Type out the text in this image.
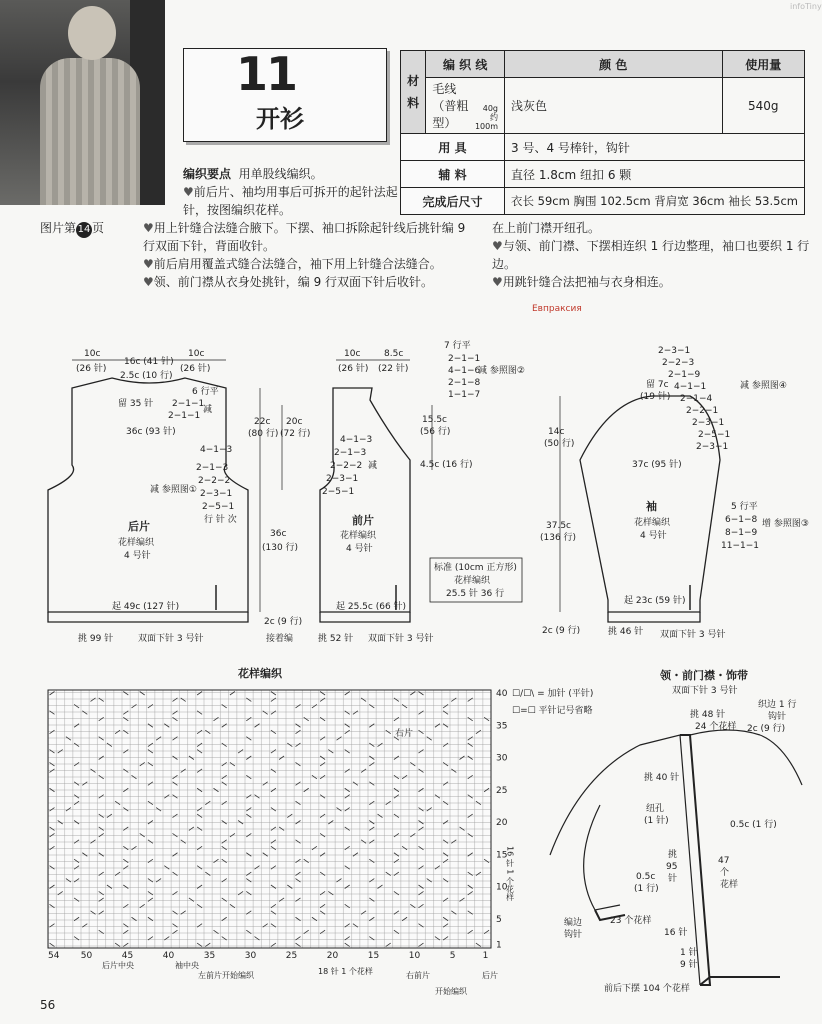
11
开衫
infoTiny
材料	编 织 线	颜 色	使用量

	毛线
（普粗型）
40g
约 100m	浅灰色	540g
用 具		3 号、4 号棒针，钩针	
辅 料		直径 1.8cm 纽扣 6 颗	
完成后尺寸		衣长 59cm 胸围 102.5cm 背肩宽 36cm 袖长 53.5cm	
编织要点 用单股线编织。
♥前后片、袖均用事后可拆开的起针法起针，按图编织花样。
图片第 14 页	♥用上针缝合法缝合腋下。下摆、袖口拆除起针线后挑针编 9 行双面下针，背面收针。
♥前后肩用覆盖式缝合法缝合，袖下用上针缝合法缝合。
♥领、前门襟从衣身处挑针，编 9 行双面下针后收针。
在上前门襟开纽孔。
♥与领、前门襟、下摆相连织 1 行边整理，袖口也要织 1 行边。
♥用跳针缝合法把袖与衣身相连。
Евпраксия
10c
(26 针)
16c (41 针)
10c
(26 针)
2.5c (10 行)
6 行平
2−1−1
2−1−1
减
留 35 针
36c (93 针)
4−1−3
2−1−3
2−2−2
2−3−1
2−5−1
行 针 次
减 参照图①
22c
(80 行)
20c
(72 行)
36c
(130 行)
后片
花样编织
4 号针
起 49c (127 针)
挑 99 针	双面下针 3 号针
2c (9 行)
接着编
10c
(26 针)
8.5c
(22 针)
7 行平
2−1−1
4−1−6
2−1−8
1−1−7
减 参照图②
4−1−3
2−1−3
2−2−2
2−3−1
2−5−1
减
15.5c
(56 行)
4.5c (16 行)
前片
花样编织
4 号针
起 25.5c (66 针)
挑 52 针 双面下针 3 号针
标准 (10cm 正方形)
花样编织
25.5 针 36 行
2−3−1
2−2−3
2−1−9
4−1−1
2−1−4
2−2−1
2−3−1
2−5−1
2−3−1
减 参照图④
留 7c
(19 针)
37c (95 针)
14c
(50 行)
37.5c
(136 行)
5 行平
6−1−8
8−1−9
11−1−1
增 参照图③
袖
花样编织
4 号针
起 23c (59 针)
挑 46 针 双面下针 3 号针
2c (9 行)
花样编织
☐/☐\ = 加针 (平针)
☐=☐ 平针记号省略
40
35
30
25
20
15
10
5
1
54 50	45	40	35	30	25	20	15	10	5	1
右片
16 针 1 个花样
18 针 1 个花样
后片中央	袖中央
左前片开始编织	右前片	后片
开始编织
领・前门襟・饰带
双面下针 3 号针
挑 48 针
24 个花样
织边 1 行
钩针
2c (9 行)
挑 40 针
纽孔
(1 针)	0.5c (1 行)
挑
95
针
47
个
花样
0.5c
(1 行)
编边
钩针
23 个花样
16 针
1 针
9 针
前后下摆 104 个花样
56
